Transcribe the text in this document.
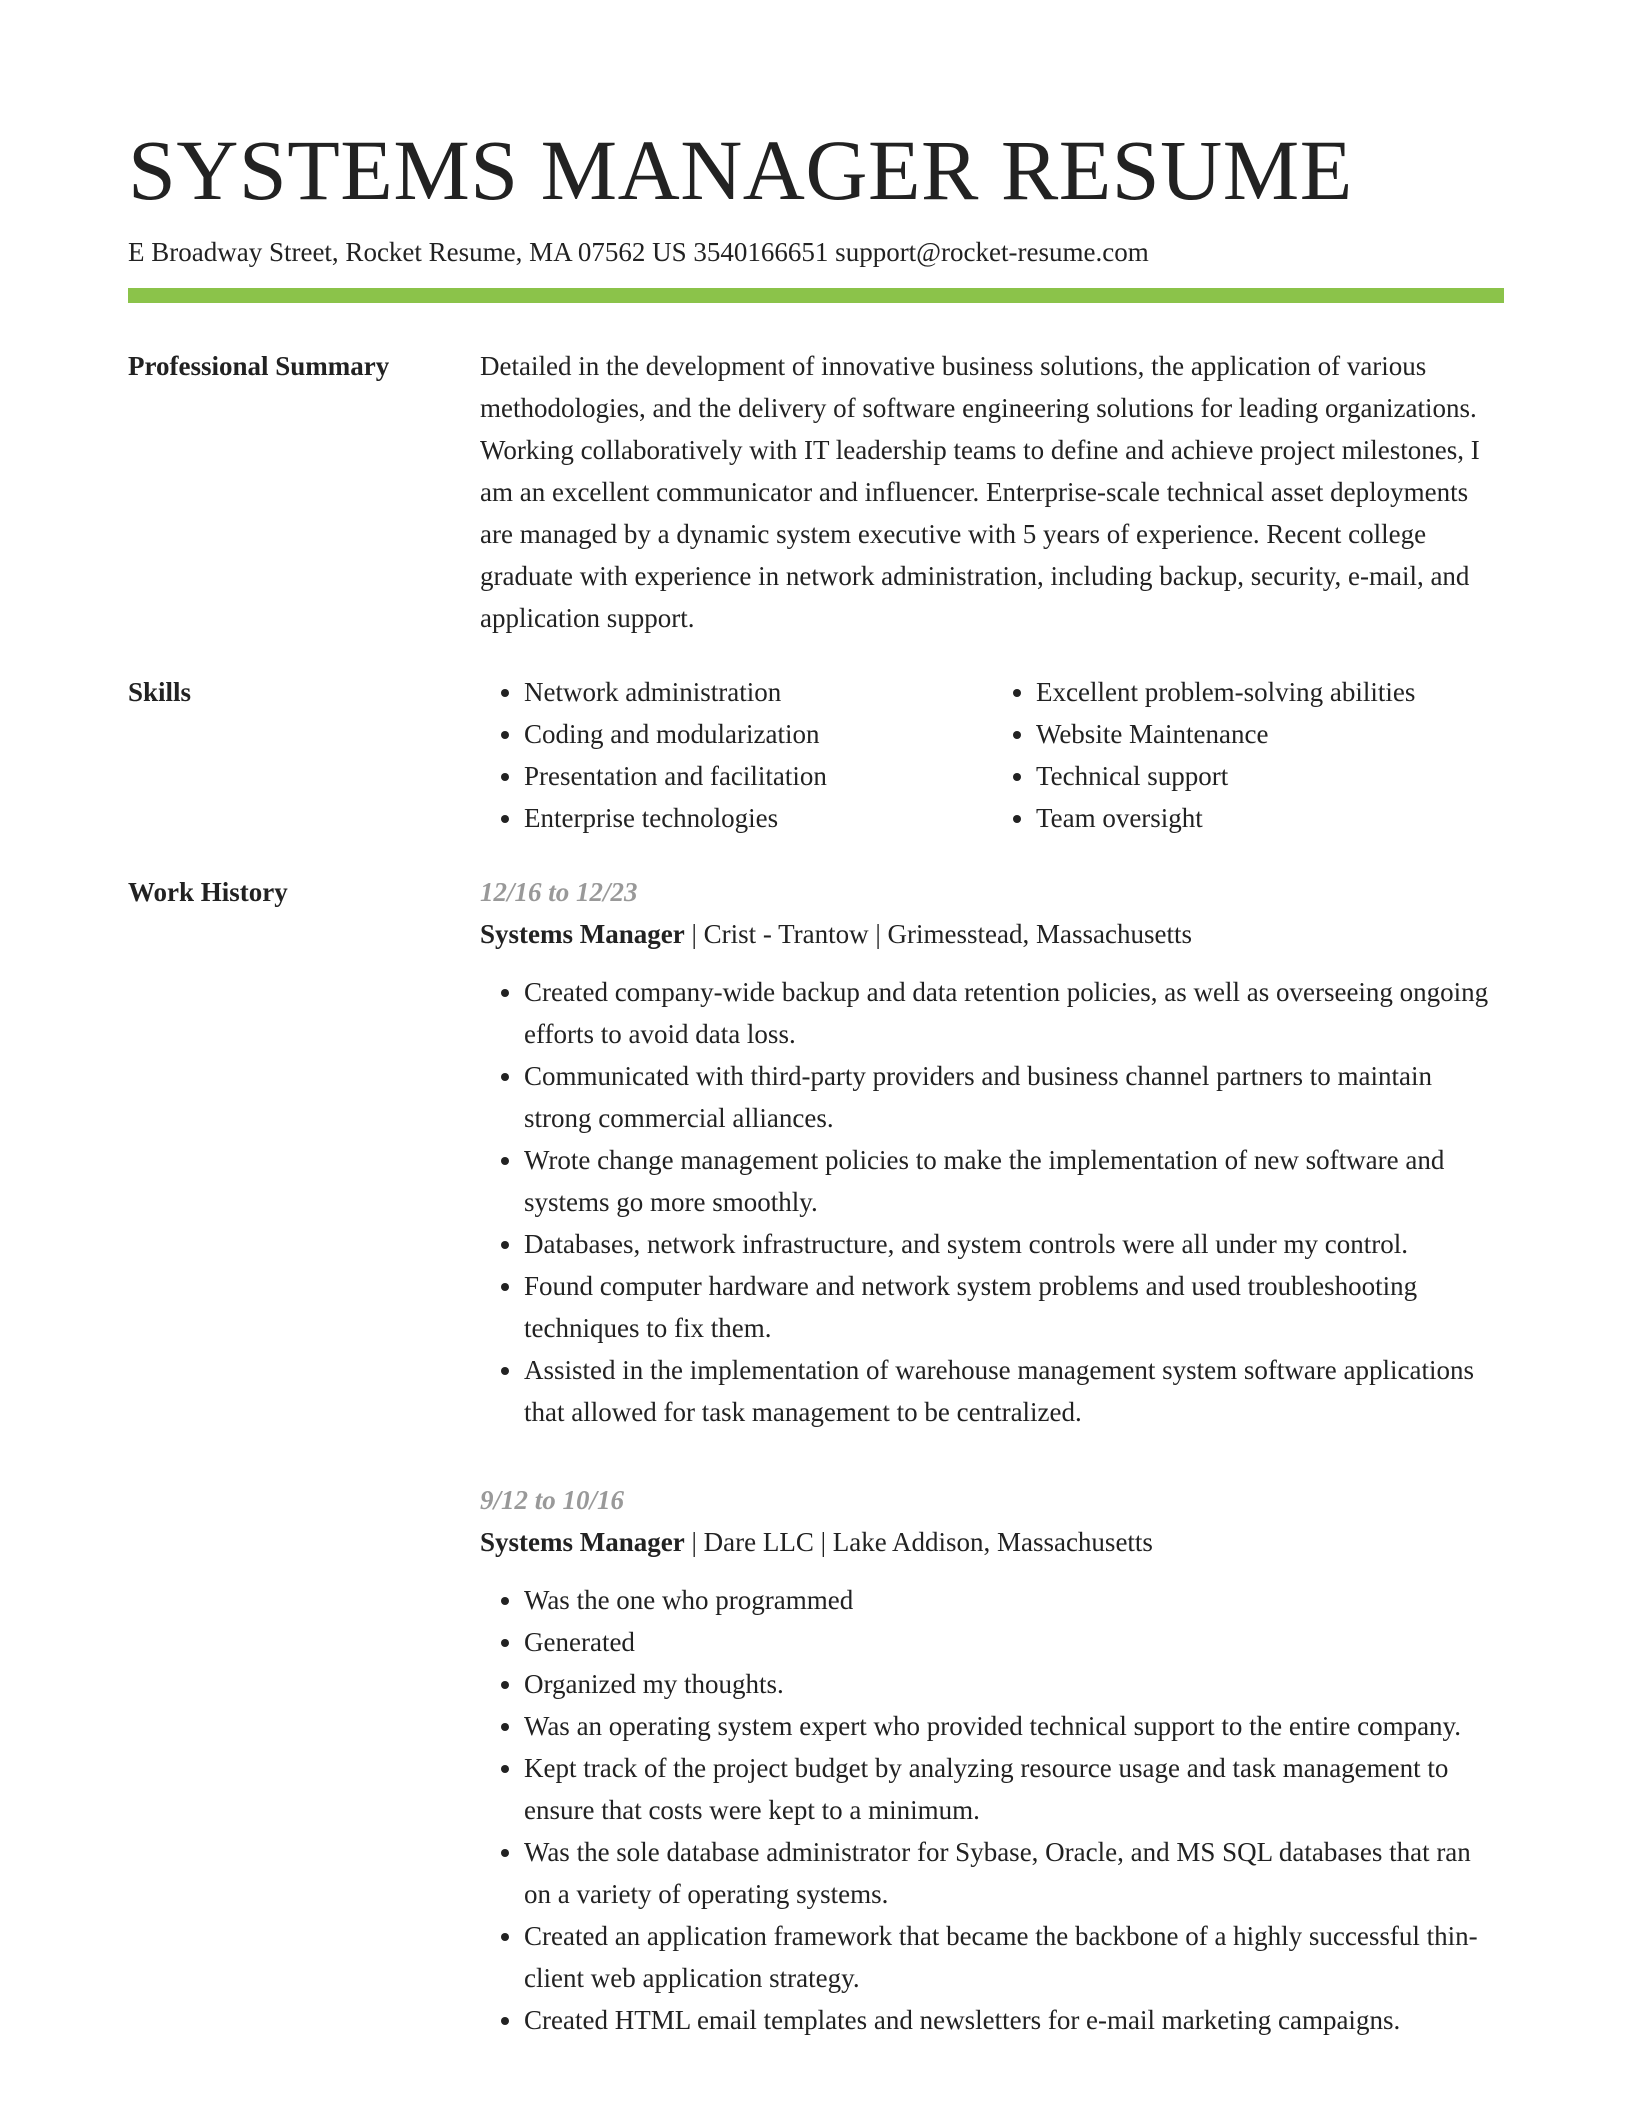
SYSTEMS MANAGER RESUME
E Broadway Street, Rocket Resume, MA 07562 US 3540166651 support@rocket-resume.com
Professional Summary	Detailed in the development of innovative business solutions, the application of various methodologies, and the delivery of software engineering solutions for leading organizations. Working collaboratively with IT leadership teams to define and achieve project milestones, I am an excellent communicator and influencer. Enterprise-scale technical asset deployments are managed by a dynamic system executive with 5 years of experience. Recent college graduate with experience in network administration, including backup, security, e-mail, and application support.
Skills
•	Network administration
• Coding and modularization
• Presentation and facilitation
• Enterprise technologies
• Excellent problem-solving abilities
• Website Maintenance
• Technical support
• Team oversight
Work History	12/16 to 12/23
Systems Manager | Crist - Trantow | Grimesstead, Massachusetts
• Created company-wide backup and data retention policies, as well as overseeing ongoing efforts to avoid data loss.
• Communicated with third-party providers and business channel partners to maintain strong commercial alliances.
• Wrote change management policies to make the implementation of new software and systems go more smoothly.
• Databases, network infrastructure, and system controls were all under my control.
• Found computer hardware and network system problems and used troubleshooting techniques to fix them.
• Assisted in the implementation of warehouse management system software applications that allowed for task management to be centralized.
9/12 to 10/16
Systems Manager | Dare LLC | Lake Addison, Massachusetts
• Was the one who programmed
• Generated
• Organized my thoughts.
• Was an operating system expert who provided technical support to the entire company.
• Kept track of the project budget by analyzing resource usage and task management to ensure that costs were kept to a minimum.
• Was the sole database administrator for Sybase, Oracle, and MS SQL databases that ran on a variety of operating systems.
• Created an application framework that became the backbone of a highly successful thin-client web application strategy.
• Created HTML email templates and newsletters for e-mail marketing campaigns.
